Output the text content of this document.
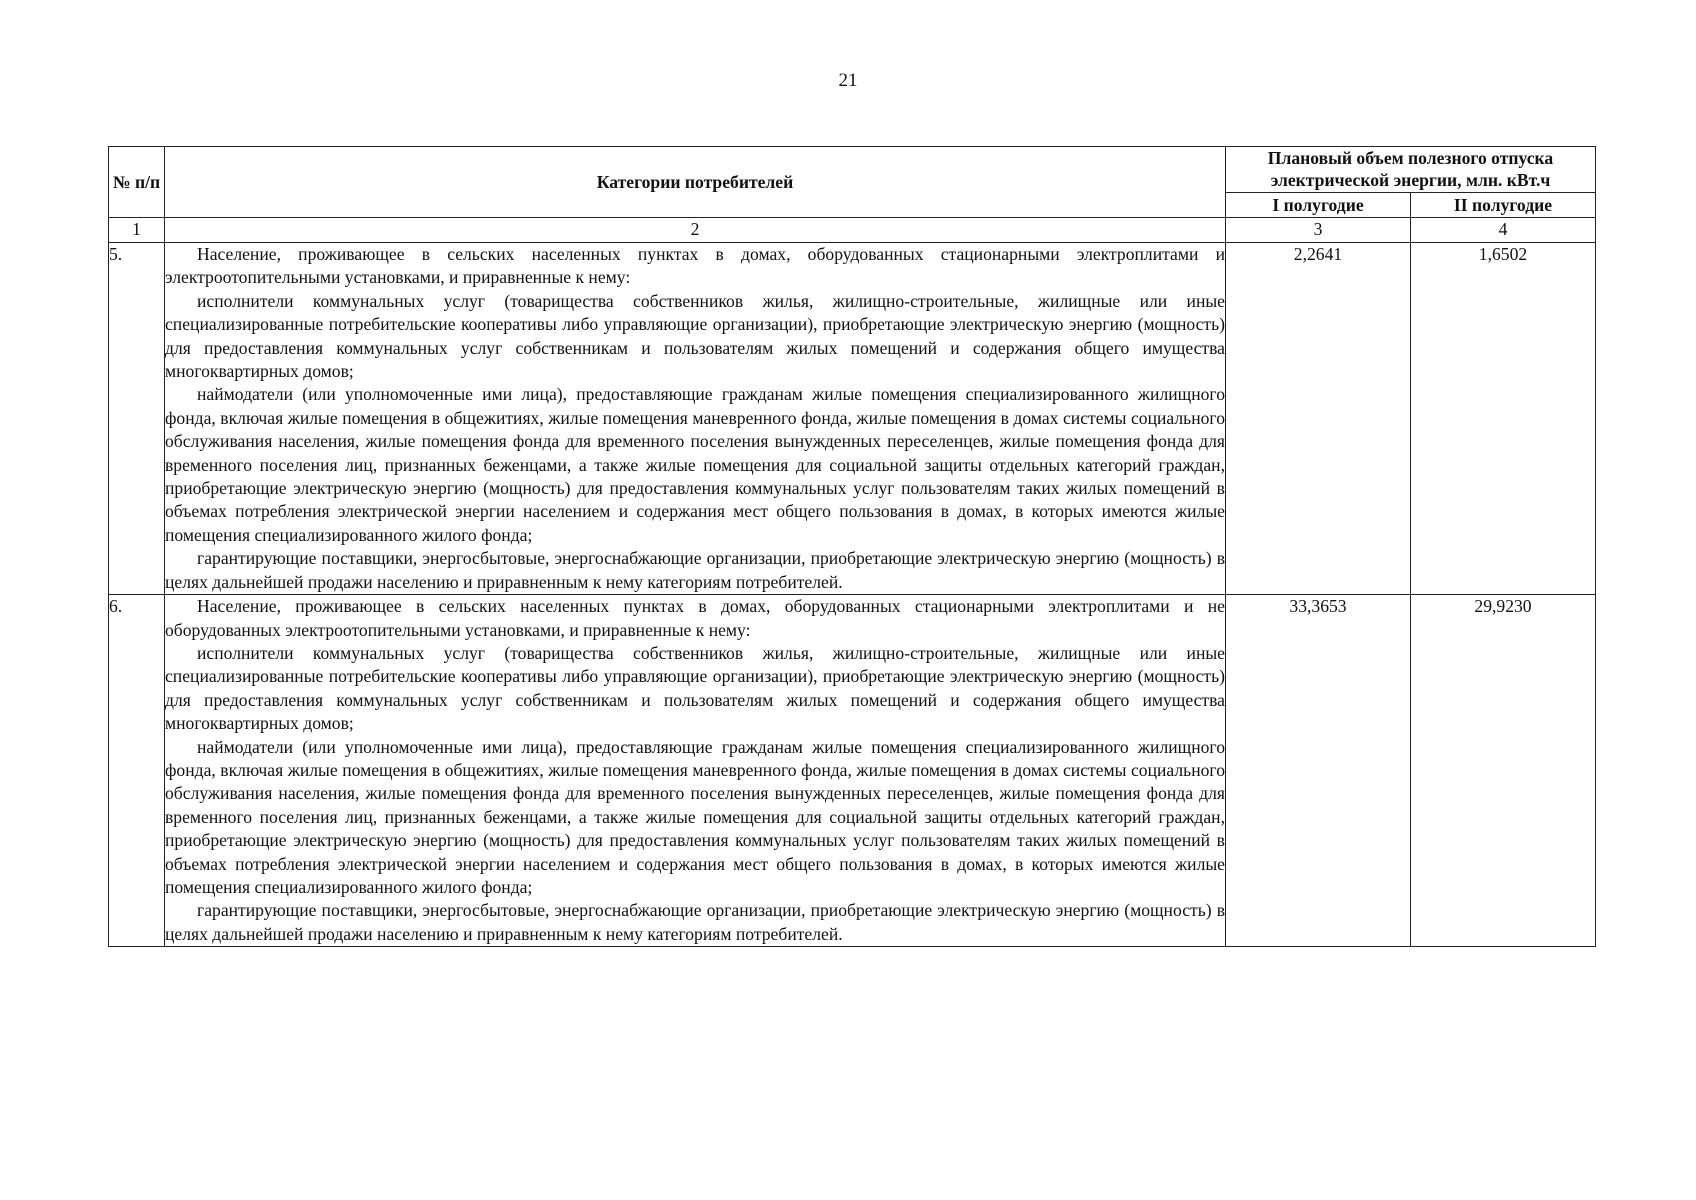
21
№ п/п	Категории потребителей	Плановый объем полезного отпуска электрической энергии, млн. кВт.ч	
		I полугодие	II полугодие
1	2	3	4
5.	Население, проживающее в сельских населенных пунктах в домах, оборудованных стационарными электроплитами и электроотопительными установками, и приравненные к нему:

исполнители коммунальных услуг (товарищества собственников жилья, жилищно-строительные, жилищные или иные специализированные потребительские кооперативы либо управляющие организации), приобретающие электрическую энергию (мощность) для предоставления коммунальных услуг собственникам и пользователям жилых помещений и содержания общего имущества многоквартирных домов;

наймодатели (или уполномоченные ими лица), предоставляющие гражданам жилые помещения специализированного жилищного фонда, включая жилые помещения в общежитиях, жилые помещения маневренного фонда, жилые помещения в домах системы социального обслуживания населения, жилые помещения фонда для временного поселения вынужденных переселенцев, жилые помещения фонда для временного поселения лиц, признанных беженцами, а также жилые помещения для социальной защиты отдельных категорий граждан, приобретающие электрическую энергию (мощность) для предоставления коммунальных услуг пользователям таких жилых помещений в объемах потребления электрической энергии населением и содержания мест общего пользования в домах, в которых имеются жилые помещения специализированного жилого фонда;

гарантирующие поставщики, энергосбытовые, энергоснабжающие организации, приобретающие электрическую энергию (мощность) в целях дальнейшей продажи населению и приравненным к нему категориям потребителей.	2,2641	1,6502
6.	Население, проживающее в сельских населенных пунктах в домах, оборудованных стационарными электроплитами и не оборудованных электроотопительными установками, и приравненные к нему:

исполнители коммунальных услуг (товарищества собственников жилья, жилищно-строительные, жилищные или иные специализированные потребительские кооперативы либо управляющие организации), приобретающие электрическую энергию (мощность) для предоставления коммунальных услуг собственникам и пользователям жилых помещений и содержания общего имущества многоквартирных домов;

наймодатели (или уполномоченные ими лица), предоставляющие гражданам жилые помещения специализированного жилищного фонда, включая жилые помещения в общежитиях, жилые помещения маневренного фонда, жилые помещения в домах системы социального обслуживания населения, жилые помещения фонда для временного поселения вынужденных переселенцев, жилые помещения фонда для временного поселения лиц, признанных беженцами, а также жилые помещения для социальной защиты отдельных категорий граждан, приобретающие электрическую энергию (мощность) для предоставления коммунальных услуг пользователям таких жилых помещений в объемах потребления электрической энергии населением и содержания мест общего пользования в домах, в которых имеются жилые помещения специализированного жилого фонда;

гарантирующие поставщики, энергосбытовые, энергоснабжающие организации, приобретающие электрическую энергию (мощность) в целях дальнейшей продажи населению и приравненным к нему категориям потребителей.	33,3653	29,9230
